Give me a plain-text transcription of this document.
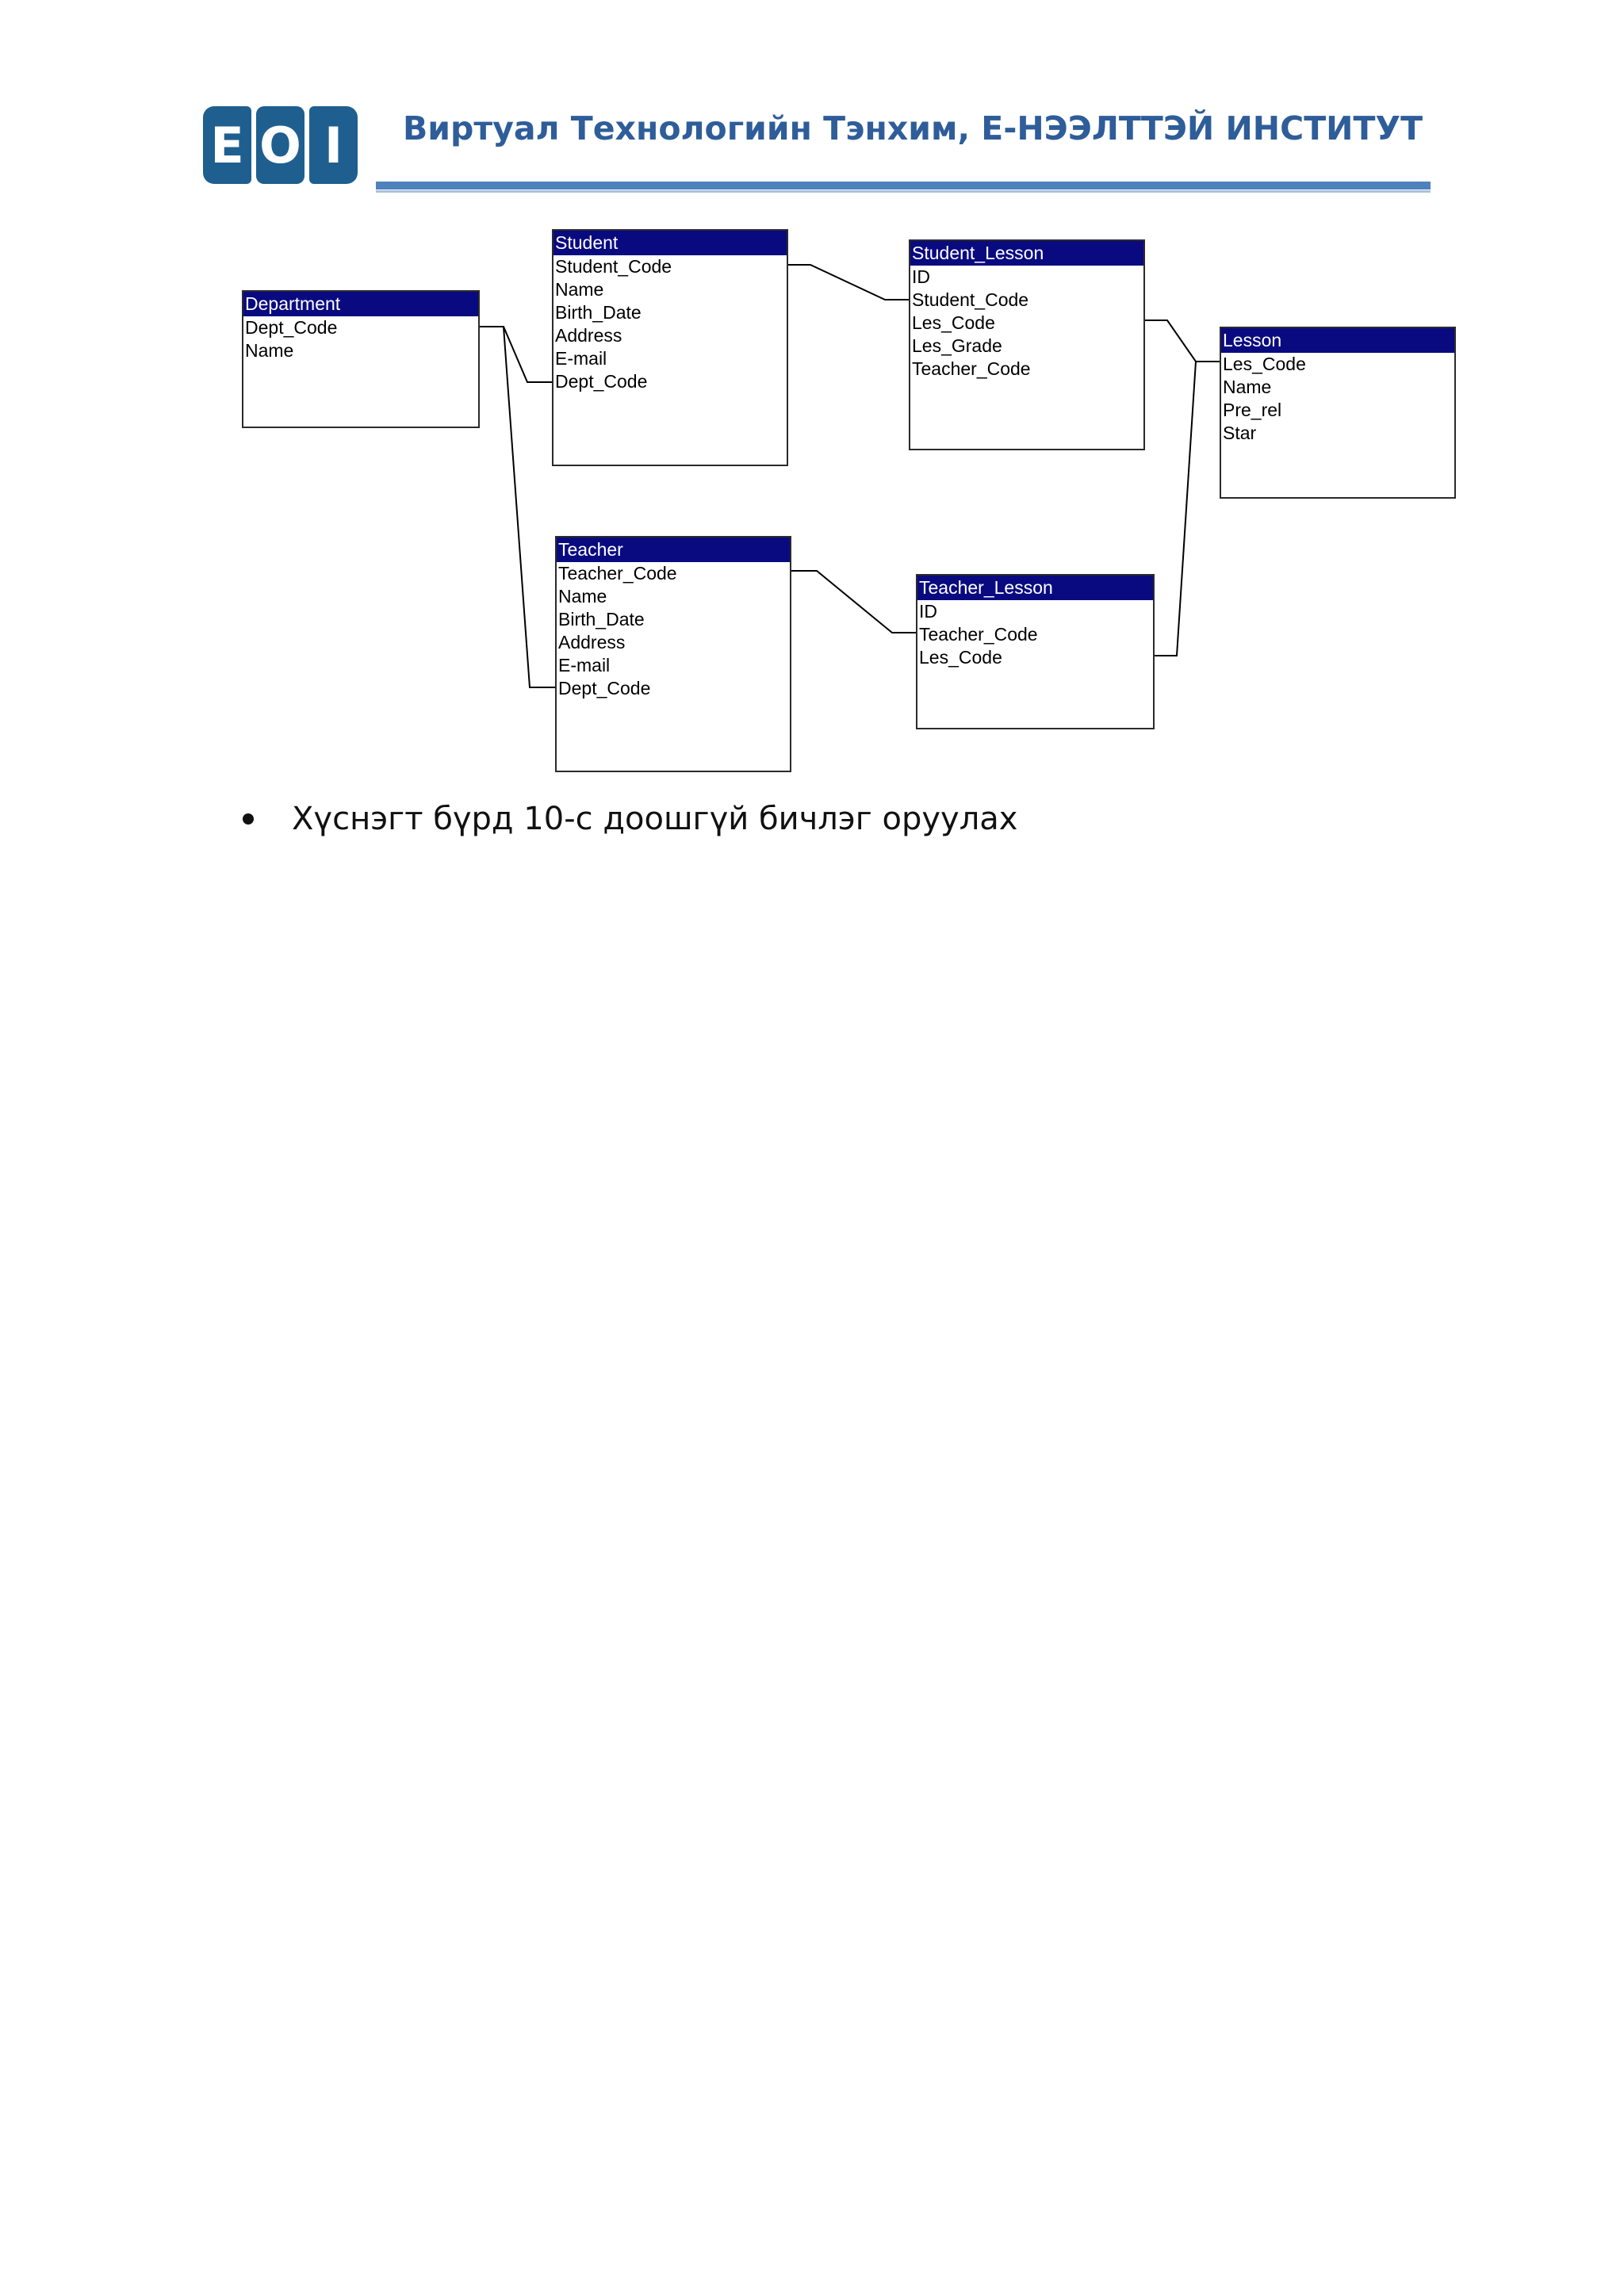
E O I	Виртуал Технологийн Тэнхим, Е-НЭЭЛТТЭЙ ИНСТИТУТ
Department
Dept_Code
Name
Student
Student_Code
Name
Birth_Date
Address
E-mail
Dept_Code
Student_Lesson
ID
Student_Code
Les_Code
Les_Grade
Teacher_Code
Lesson
Les_Code
Name
Pre_rel
Star
Teacher
Teacher_Code
Name
Birth_Date
Address
E-mail
Dept_Code
Teacher_Lesson
ID
Teacher_Code
Les_Code
Хүснэгт бүрд 10-с доошгүй бичлэг оруулах
